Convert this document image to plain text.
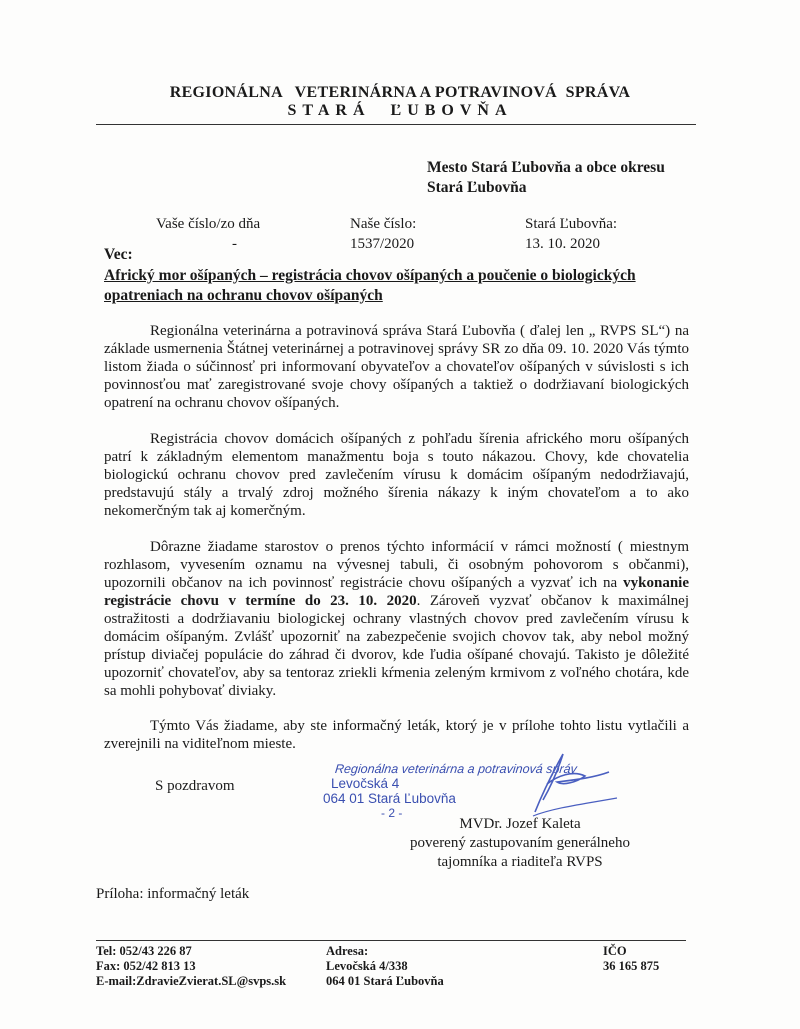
REGIONÁLNA   VETERINÁRNA A POTRAVINOVÁ  SPRÁVA
STARÁ  ĽUBOVŇA
Mesto Stará Ľubovňa a obce okresu
Stará Ľubovňa
Vaše číslo/zo dňa
-
Naše číslo:
1537/2020
Stará Ľubovňa:
13. 10. 2020
Vec:
Africký mor ošípaných – registrácia chovov ošípaných a poučenie o biologických opatreniach na ochranu chovov ošípaných

Regionálna veterinárna a potravinová správa Stará Ľubovňa ( ďalej len „ RVPS SL“) na základe usmernenia Štátnej veterinárnej a potravinovej správy SR zo dňa 09. 10. 2020 Vás týmto listom žiada o súčinnosť pri informovaní obyvateľov a chovateľov ošípaných v súvislosti s ich povinnosťou mať zaregistrované svoje chovy ošípaných a taktiež o dodržiavaní biologických opatrení na ochranu chovov ošípaných.

Registrácia chovov domácich ošípaných z pohľadu šírenia afrického moru ošípaných patrí k základným elementom manažmentu boja s touto nákazou. Chovy, kde chovatelia biologickú ochranu chovov pred zavlečením vírusu k domácim ošípaným nedodržiavajú, predstavujú stály a trvalý zdroj možného šírenia nákazy k iným chovateľom a to ako nekomerčným tak aj komerčným.

Dôrazne žiadame starostov o prenos týchto informácií v rámci možností ( miestnym rozhlasom, vyvesením oznamu na vývesnej tabuli, či osobným pohovorom s občanmi), upozornili občanov na ich povinnosť registrácie chovu ošípaných a vyzvať ich na vykonanie registrácie chovu v termíne do 23. 10. 2020. Zároveň vyzvať občanov k maximálnej ostražitosti a dodržiavaniu biologickej ochrany vlastných chovov pred zavlečením vírusu k domácim ošípaným. Zvlášť upozorniť na zabezpečenie svojich chovov tak, aby nebol možný prístup diviačej populácie do záhrad či dvorov, kde ľudia ošípané chovajú. Takisto je dôležité upozorniť chovateľov, aby sa tentoraz zriekli kŕmenia zeleným krmivom z voľného chotára, kde sa mohli pohybovať diviaky.

Týmto Vás žiadame, aby ste informačný leták, ktorý je v prílohe tohto listu vytlačili a zverejnili na viditeľnom mieste.

S pozdravom
Regionálna veterinárna a potravinová správ
Levočská 4
064 01 Stará Ľubovňa
- 2 -
MVDr. Jozef Kaleta
poverený zastupovaním generálneho
tajomníka a riaditeľa RVPS
Príloha: informačný leták
Tel: 052/43 226 87
Fax: 052/42 813 13
E-mail:ZdravieZvierat.SL@svps.sk
Adresa:
Levočská 4/338
064 01 Stará Ľubovňa
IČO
36 165 875
